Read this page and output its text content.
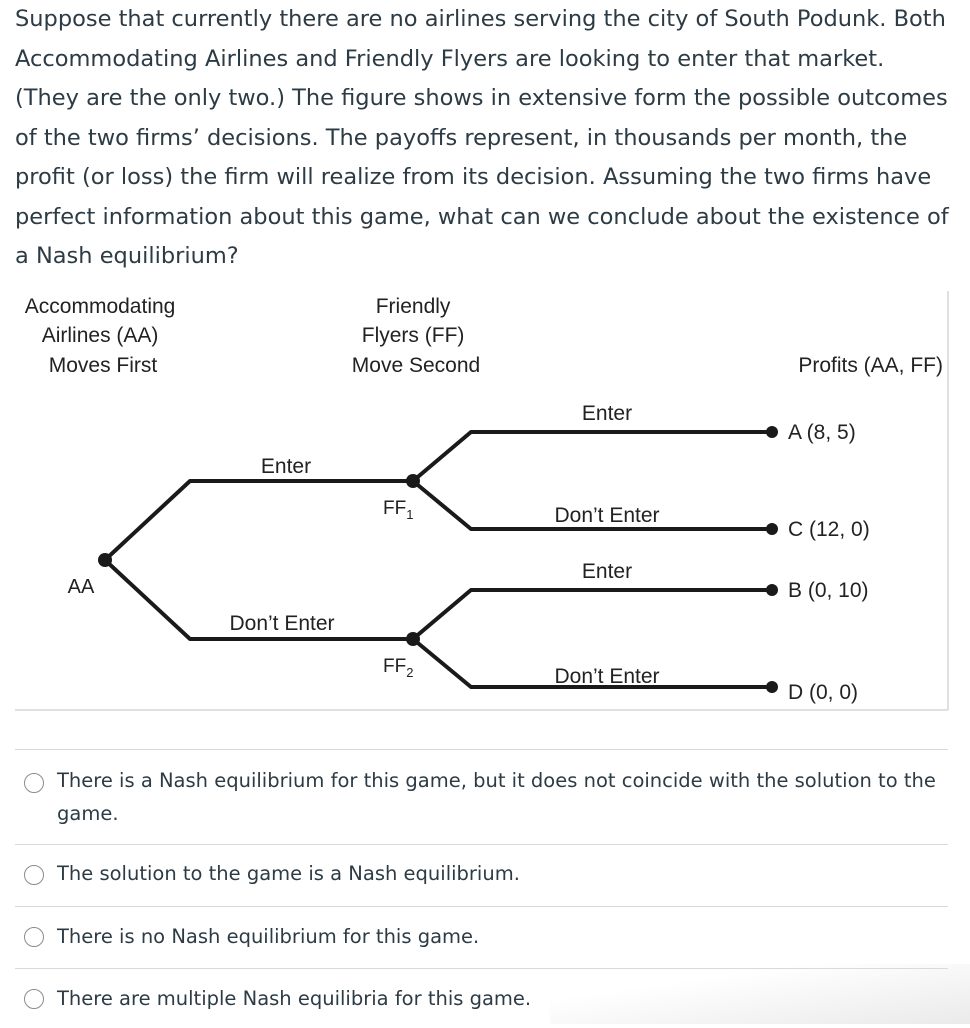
Suppose that currently there are no airlines serving the city of South Podunk. Both Accommodating Airlines and Friendly Flyers are looking to enter that market. (They are the only two.) The figure shows in extensive form the possible outcomes of the two firms’ decisions. The payoffs represent, in thousands per month, the profit (or loss) the firm will realize from its decision. Assuming the two firms have perfect information about this game, what can we conclude about the existence of a Nash equilibrium?

Accommodating Airlines (AA) Moves First
Friendly Flyers (FF) Move Second	Profits (AA, FF)
AA
$FF_1$
$FF_2$
Enter
Don’t Enter
Enter
Don’t Enter
Enter
Don’t Enter
A (8, 5)
C (12, 0)
B (0, 10)
D (0, 0)
There is a Nash equilibrium for this game, but it does not coincide with the solution to the game.
The solution to the game is a Nash equilibrium.
There is no Nash equilibrium for this game.
There are multiple Nash equilibria for this game.
